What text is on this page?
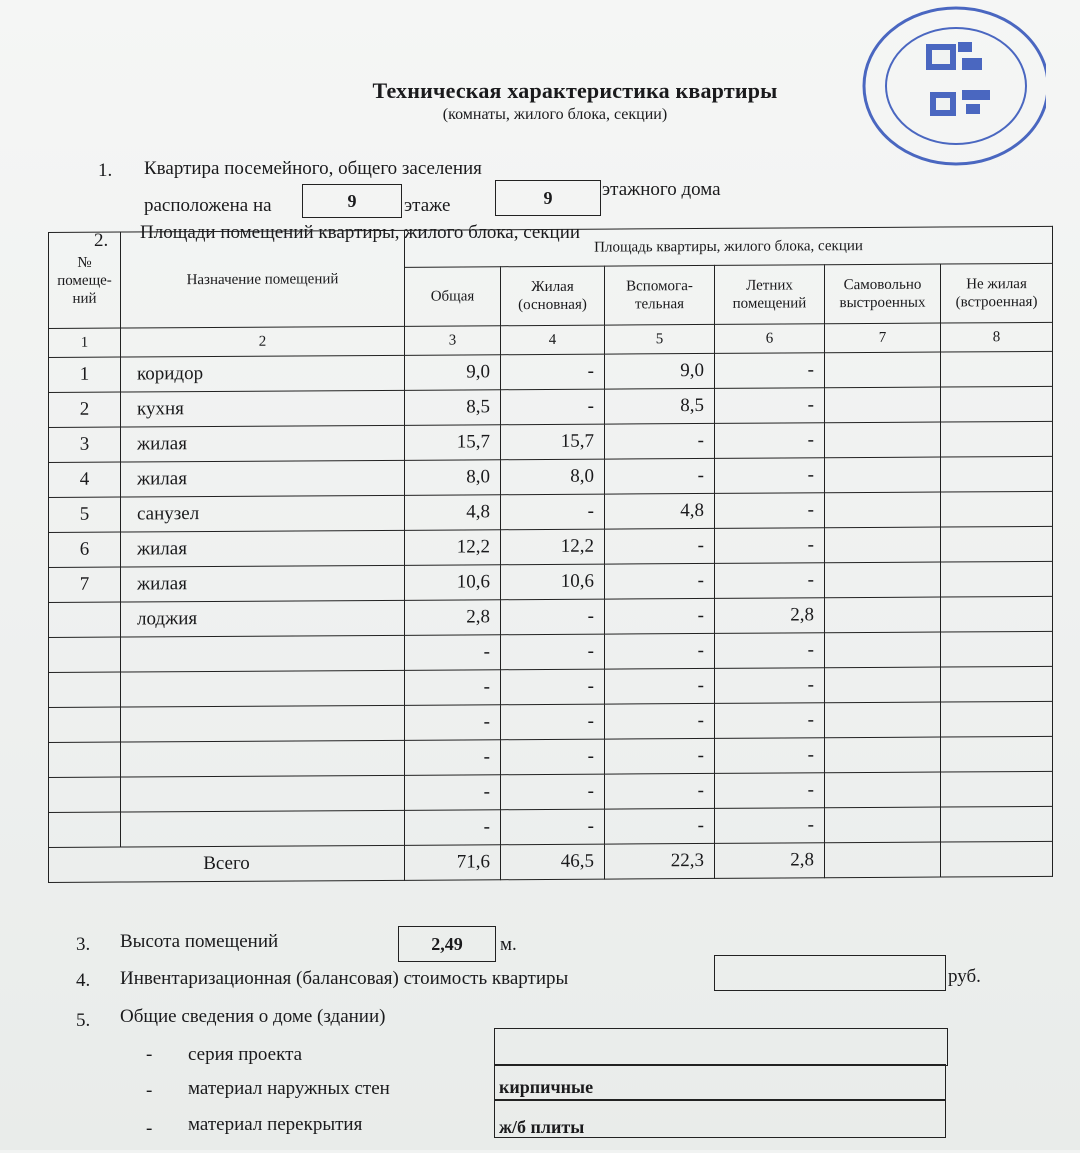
Техническая характеристика квартиры
(комнаты, жилого блока, секции)
1. Квартира посемейного, общего заселения
расположена на	9	этаже	9	этажного дома
2. Площади помещений квартиры, жилого блока, секции
№ помеще-ний	Назначение помещений	Площадь квартиры, жилого блока, секции					
		Общая	Жилая (основная)	Вспомога-тельная	Летних помещений	Самовольно выстроенных	Не жилая (встроенная)
1	2	3	4	5	6	7	8
1	коридор	9,0	-	9,0	-		
2	кухня	8,5	-	8,5	-		
3	жилая	15,7	15,7	-	-		
4	жилая	8,0	8,0	-	-		
5	санузел	4,8	-	4,8	-		
6	жилая	12,2	12,2	-	-		
7	жилая	10,6	10,6	-	-		
	лоджия	2,8	-	-	2,8		
		-	-	-	-		
		-	-	-	-		
		-	-	-	-		
		-	-	-	-		
		-	-	-	-		
		-	-	-	-		
Всего		71,6	46,5	22,3	2,8		
3. Высота помещений	2,49	м.
4. Инвентаризационная (балансовая) стоимость квартиры	руб.
5. Общие сведения о доме (здании)
- серия проекта
- материал наружных стен	кирпичные
- материал перекрытия	ж/б плиты
